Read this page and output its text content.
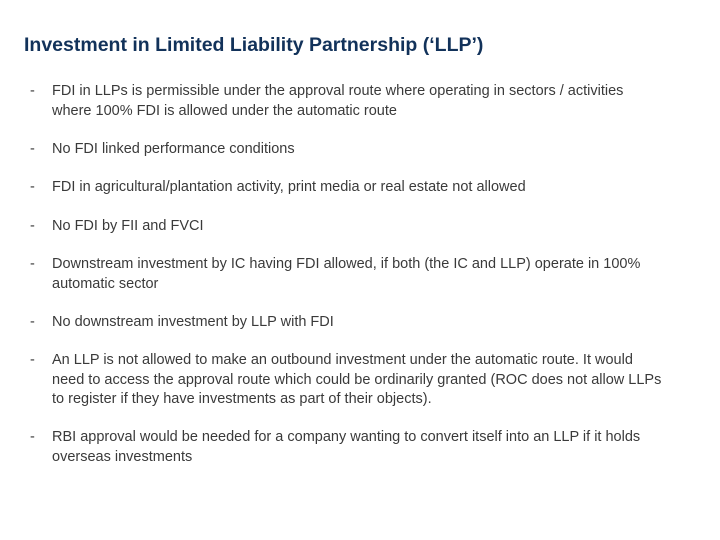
Investment in Limited Liability Partnership (‘LLP’)
- FDI in LLPs is permissible under the approval route where operating in sectors / activities where 100% FDI is allowed under the automatic route
- No FDI linked performance conditions
- FDI in agricultural/plantation activity, print media or real estate not allowed
- No FDI by FII and FVCI
- Downstream investment by IC having FDI allowed, if both (the IC and LLP) operate in 100% automatic sector
- No downstream investment by LLP with FDI
- An LLP is not allowed to make an outbound investment under the automatic route. It would need to access the approval route which could be ordinarily granted (ROC does not allow LLPs to register if they have investments as part of their objects).
- RBI approval would be needed for a company wanting to convert itself into an LLP if it holds overseas investments
